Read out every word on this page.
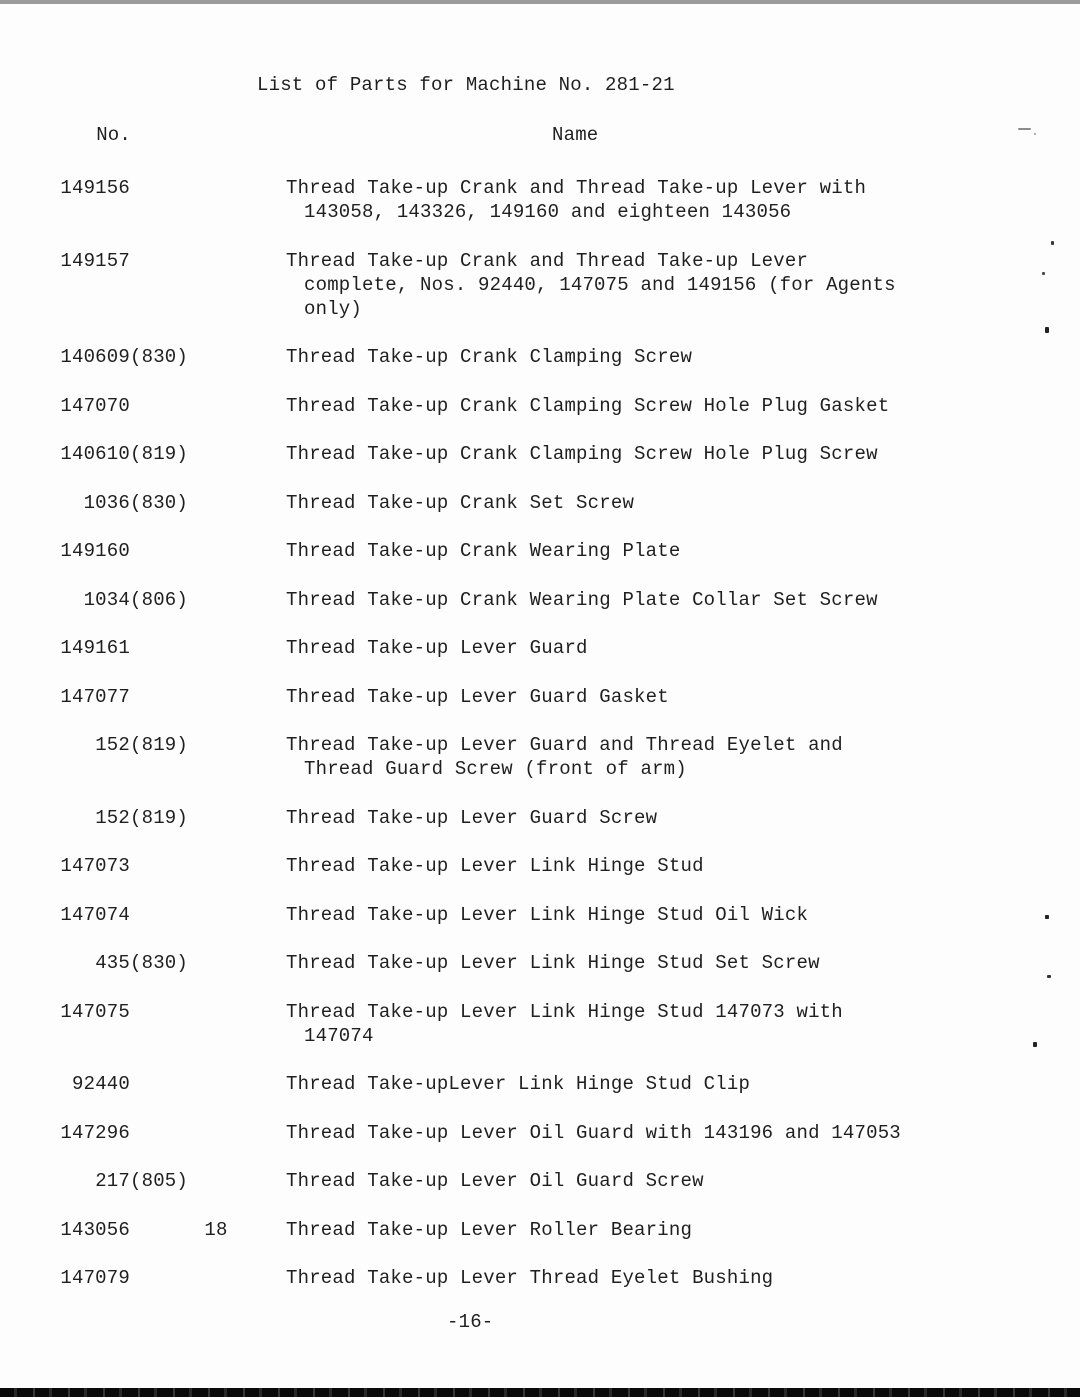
List of Parts for Machine No. 281-21
No.	Name
149156	Thread Take-up Crank and Thread Take-up Lever with
143058, 143326, 149160 and eighteen 143056
149157	Thread Take-up Crank and Thread Take-up Lever
complete, Nos. 92440, 147075 and 149156 (for Agents
only)
140609(830)	Thread Take-up Crank Clamping Screw
147070	Thread Take-up Crank Clamping Screw Hole Plug Gasket
140610(819)	Thread Take-up Crank Clamping Screw Hole Plug Screw
1036(830)	Thread Take-up Crank Set Screw
149160	Thread Take-up Crank Wearing Plate
1034(806)	Thread Take-up Crank Wearing Plate Collar Set Screw
149161	Thread Take-up Lever Guard
147077	Thread Take-up Lever Guard Gasket
152(819)	Thread Take-up Lever Guard and Thread Eyelet and
Thread Guard Screw (front of arm)
152(819)	Thread Take-up Lever Guard Screw
147073	Thread Take-up Lever Link Hinge Stud
147074	Thread Take-up Lever Link Hinge Stud Oil Wick
435(830)	Thread Take-up Lever Link Hinge Stud Set Screw
147075	Thread Take-up Lever Link Hinge Stud 147073 with
147074
92440	Thread Take-upLever Link Hinge Stud Clip
147296	Thread Take-up Lever Oil Guard with 143196 and 147053
217(805)	Thread Take-up Lever Oil Guard Screw
143056	18	Thread Take-up Lever Roller Bearing
147079	Thread Take-up Lever Thread Eyelet Bushing
-16-
